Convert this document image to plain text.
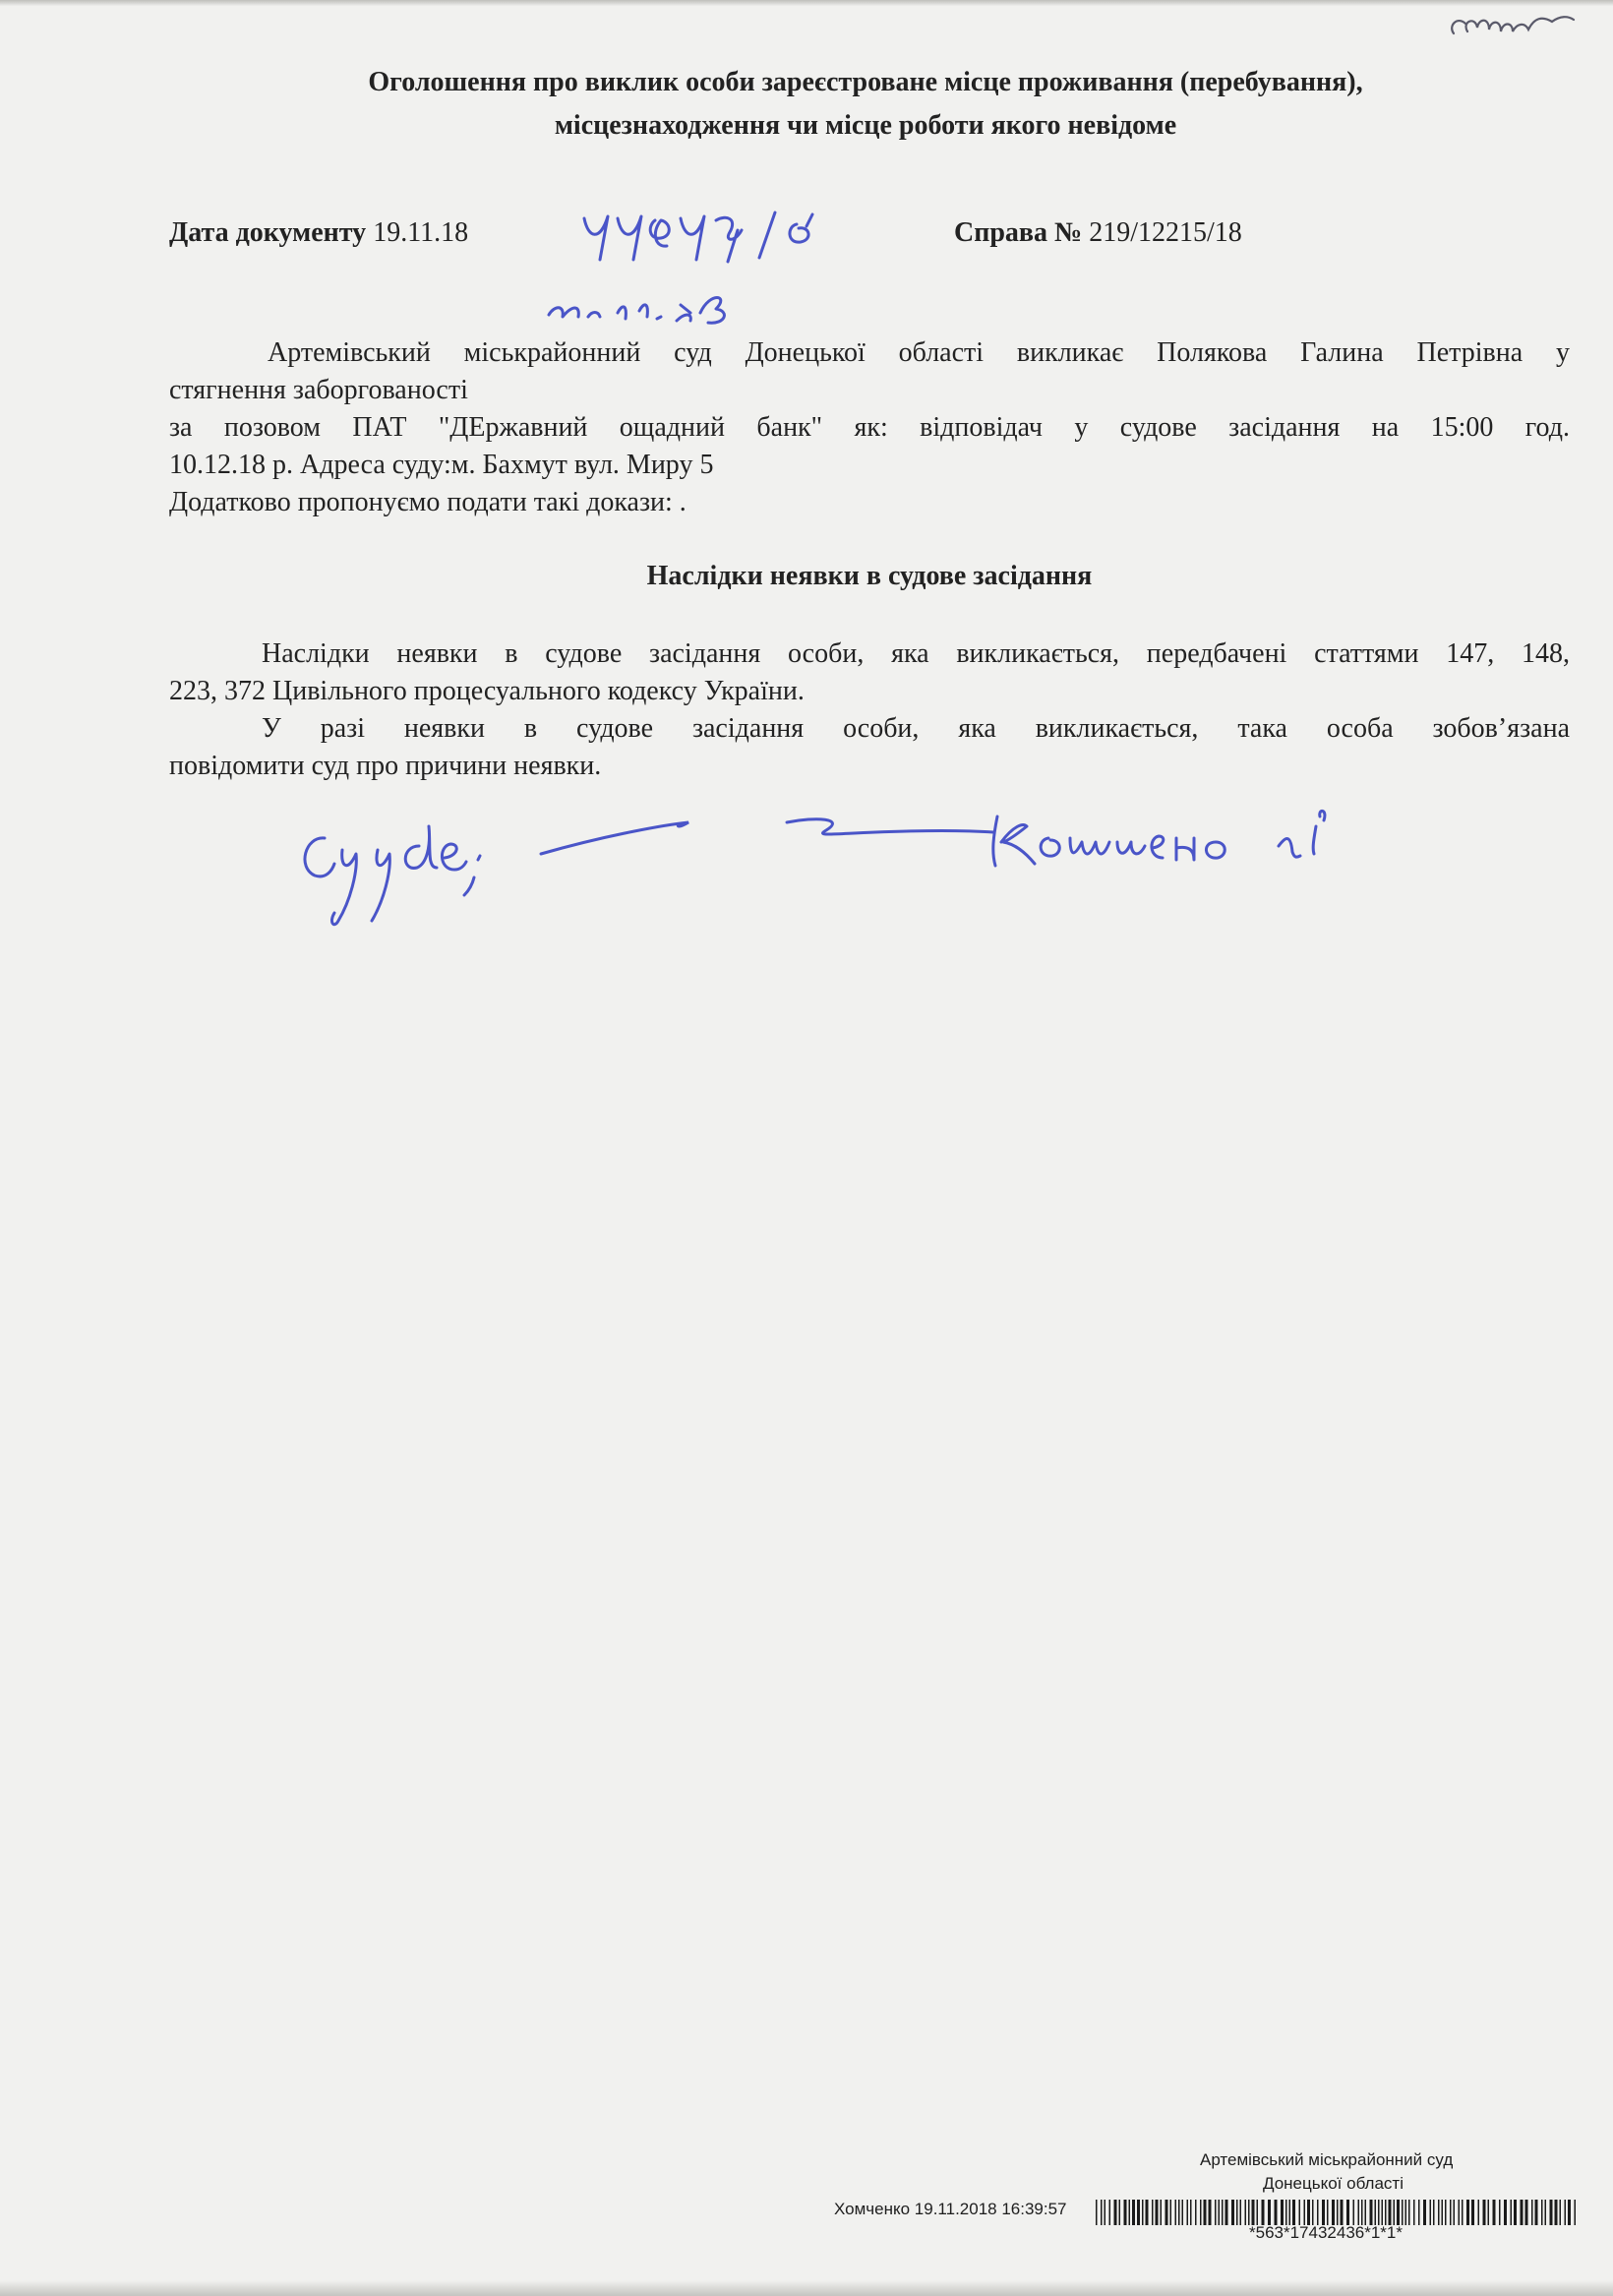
Оголошення про виклик особи зареєстроване місце проживання (перебування),
місцезнаходження чи місце роботи якого невідоме
Дата документу 19.11.18	Справа № 219/12215/18
Артемівський міськрайонний суд Донецької області викликає Полякова Галина Петрівна у
стягнення заборгованості
за позовом ПАТ "ДЕржавний ощадний банк" як: відповідач у судове засідання на 15:00 год.
10.12.18 р. Адреса суду:м. Бахмут вул. Миру 5
Додатково пропонуємо подати такі докази: .
Наслідки неявки в судове засідання
Наслідки неявки в судове засідання особи, яка викликається, передбачені статтями 147, 148,
223, 372 Цивільного процесуального кодексу України.
У разі неявки в судове засідання особи, яка викликається, така особа зобов’язана
повідомити суд про причини неявки.
Артемівський міськрайонний суд
Донецької області
Хомченко 19.11.2018 16:39:57
*563*17432436*1*1*
